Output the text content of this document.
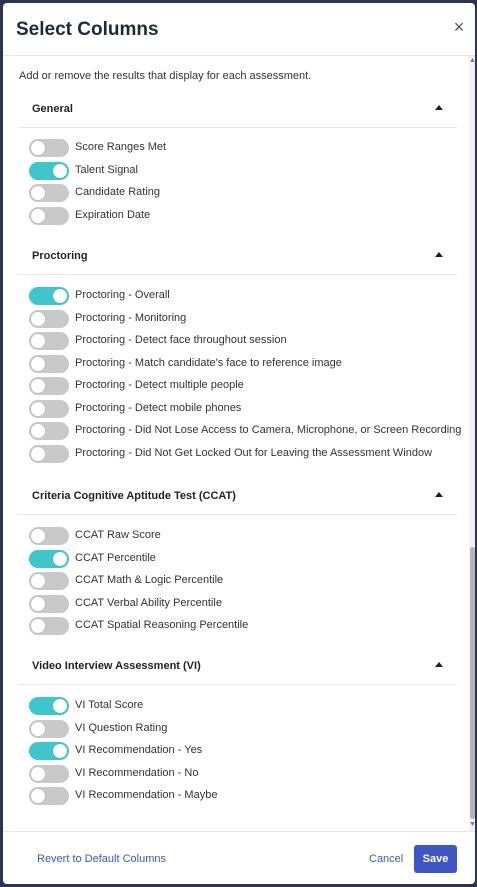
Select Columns	×
Add or remove the results that display for each assessment.
General
Score Ranges Met
Talent Signal
Candidate Rating
Expiration Date
Proctoring
Proctoring - Overall
Proctoring - Monitoring
Proctoring - Detect face throughout session
Proctoring - Match candidate's face to reference image
Proctoring - Detect multiple people
Proctoring - Detect mobile phones
Proctoring - Did Not Lose Access to Camera, Microphone, or Screen Recording
Proctoring - Did Not Get Locked Out for Leaving the Assessment Window
Criteria Cognitive Aptitude Test (CCAT)
CCAT Raw Score
CCAT Percentile
CCAT Math & Logic Percentile
CCAT Verbal Ability Percentile
CCAT Spatial Reasoning Percentile
Video Interview Assessment (VI)
VI Total Score
VI Question Rating
VI Recommendation - Yes
VI Recommendation - No
VI Recommendation - Maybe
▲
▼
Revert to Default Columns	Cancel	Save
